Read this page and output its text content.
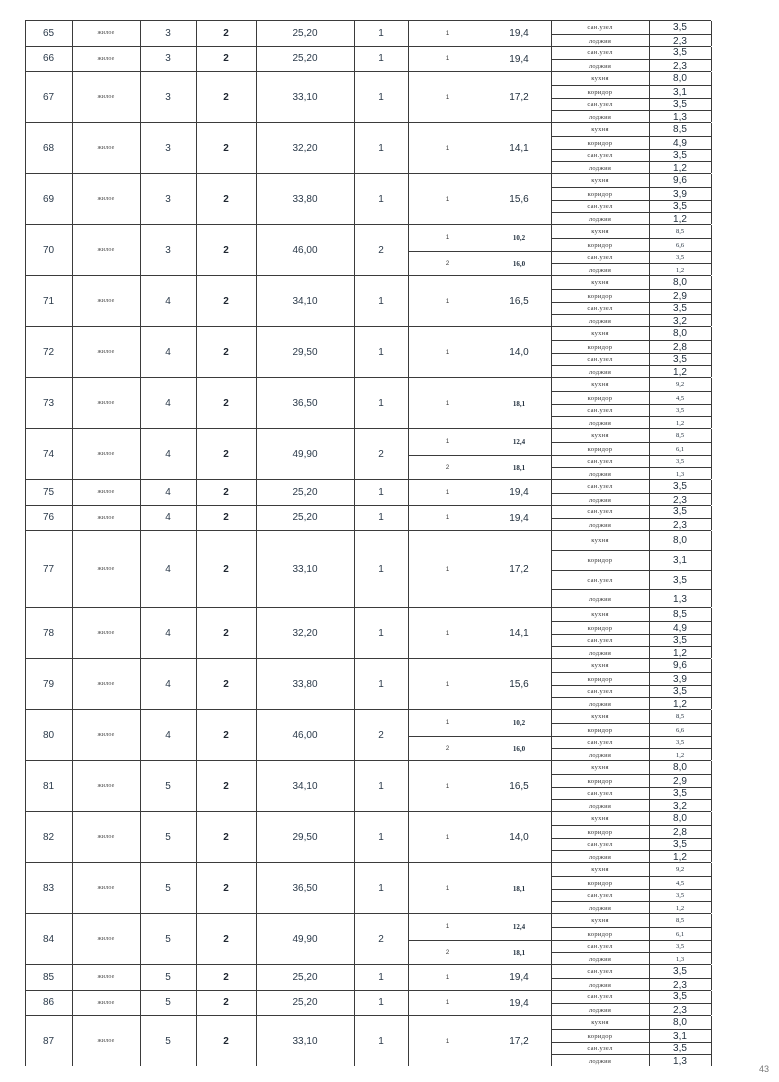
65	жилое	3	2	25,20	1	1	19,4
сан.узел	3,5
лоджия	2,3
66	жилое	3	2	25,20	1	1	19,4
сан.узел	3,5
лоджия	2,3
67	жилое	3	2	33,10	1	1	17,2
кухня	8,0
коридор	3,1
сан.узел	3,5
лоджия	1,3
68	жилое	3	2	32,20	1	1	14,1
кухня	8,5
коридор	4,9
сан.узел	3,5
лоджия	1,2
69	жилое	3	2	33,80	1	1	15,6
кухня	9,6
коридор	3,9
сан.узел	3,5
лоджия	1,2
70	жилое	3	2	46,00	2
1	10,2
2	16,0
кухня	8,5
коридор	6,6
сан.узел	3,5
лоджия	1,2
71	жилое	4	2	34,10	1	1	16,5
кухня	8,0
коридор	2,9
сан.узел	3,5
лоджия	3,2
72	жилое	4	2	29,50	1	1	14,0
кухня	8,0
коридор	2,8
сан.узел	3,5
лоджия	1,2
73	жилое	4	2	36,50	1	1	18,1
кухня	9,2
коридор	4,5
сан.узел	3,5
лоджия	1,2
74	жилое	4	2	49,90	2
1	12,4
2	18,1
кухня	8,5
коридор	6,1
сан.узел	3,5
лоджия	1,3
75	жилое	4	2	25,20	1	1	19,4
сан.узел	3,5
лоджия	2,3
76	жилое	4	2	25,20	1	1	19,4
сан.узел	3,5
лоджия	2,3
77	жилое	4	2	33,10	1	1	17,2
кухня	8,0
коридор	3,1
сан.узел	3,5
лоджия	1,3
78	жилое	4	2	32,20	1	1	14,1
кухня	8,5
коридор	4,9
сан.узел	3,5
лоджия	1,2
79	жилое	4	2	33,80	1	1	15,6
кухня	9,6
коридор	3,9
сан.узел	3,5
лоджия	1,2
80	жилое	4	2	46,00	2
1	10,2
2	16,0
кухня	8,5
коридор	6,6
сан.узел	3,5
лоджия	1,2
81	жилое	5	2	34,10	1	1	16,5
кухня	8,0
коридор	2,9
сан.узел	3,5
лоджия	3,2
82	жилое	5	2	29,50	1	1	14,0
кухня	8,0
коридор	2,8
сан.узел	3,5
лоджия	1,2
83	жилое	5	2	36,50	1	1	18,1
кухня	9,2
коридор	4,5
сан.узел	3,5
лоджия	1,2
84	жилое	5	2	49,90	2
1	12,4
2	18,1
кухня	8,5
коридор	6,1
сан.узел	3,5
лоджия	1,3
85	жилое	5	2	25,20	1	1	19,4
сан.узел	3,5
лоджия	2,3
86	жилое	5	2	25,20	1	1	19,4
сан.узел	3,5
лоджия	2,3
87	жилое	5	2	33,10	1	1	17,2
кухня	8,0
коридор	3,1
сан.узел	3,5
лоджия	1,3
43
